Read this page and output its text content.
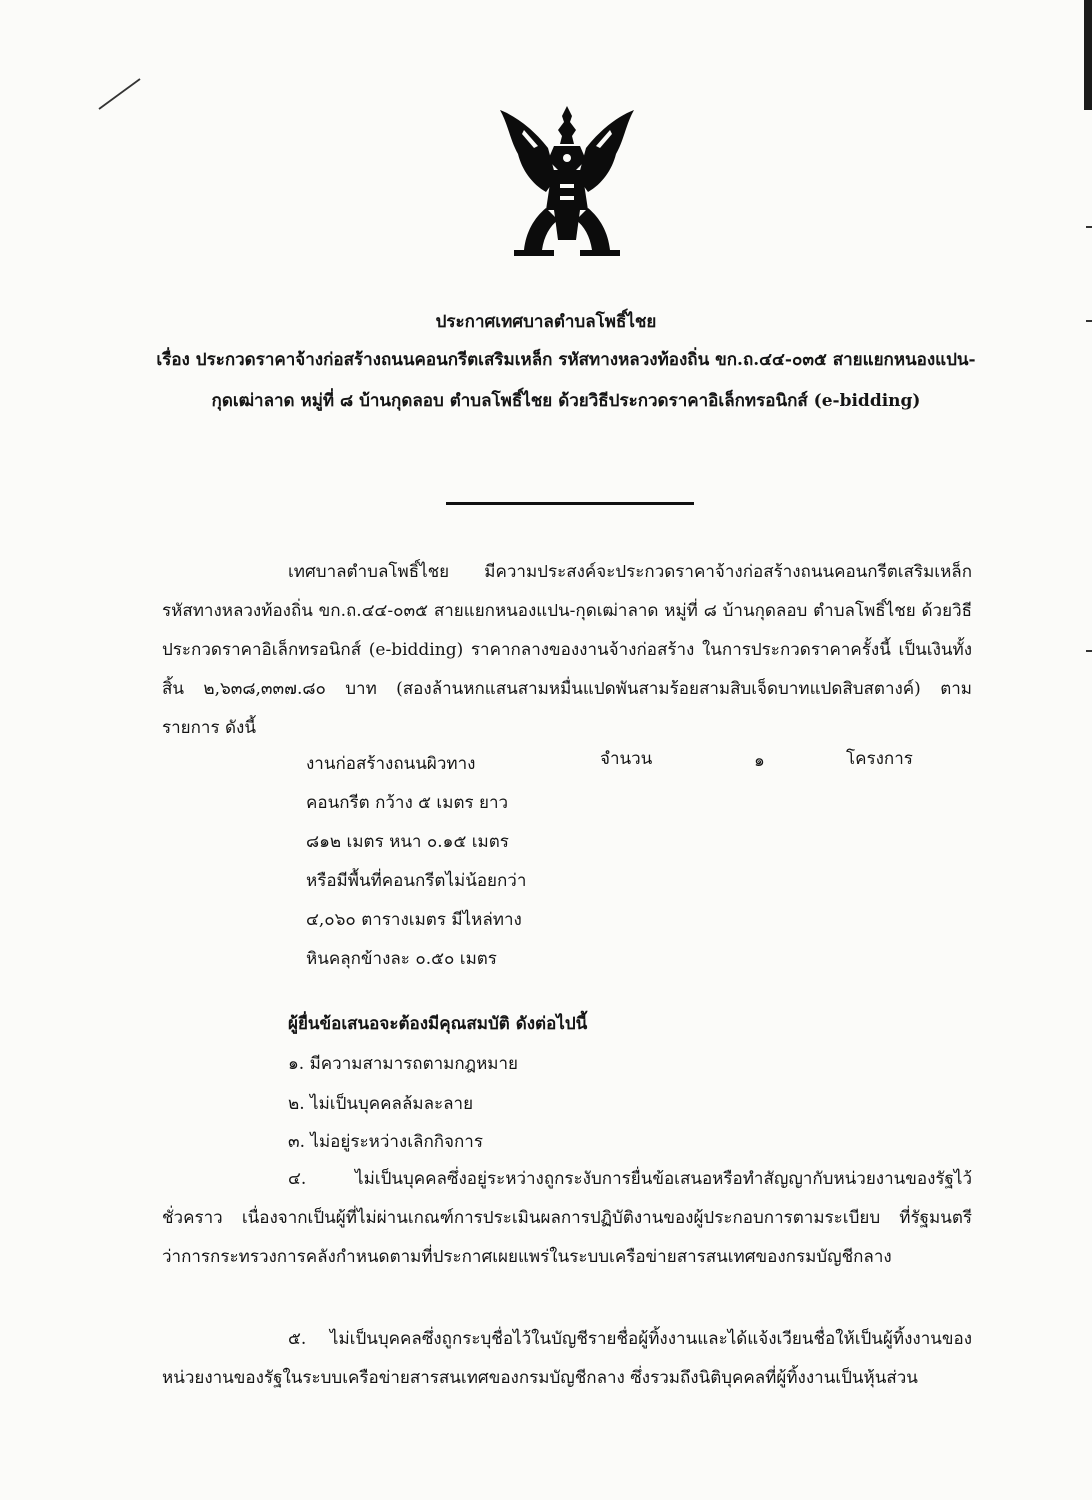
ประกาศเทศบาลตำบลโพธิ์ไชย
เรื่อง ประกวดราคาจ้างก่อสร้างถนนคอนกรีตเสริมเหล็ก รหัสทางหลวงท้องถิ่น ขก.ถ.๔๔-๐๓๕ สายแยกหนองแปน-กุดเฒ่าลาด หมู่ที่ ๘ บ้านกุดลอบ ตำบลโพธิ์ไชย ด้วยวิธีประกวดราคาอิเล็กทรอนิกส์ (e-bidding)
เทศบาลตำบลโพธิ์ไชย มีความประสงค์จะประกวดราคาจ้างก่อสร้างถนนคอนกรีตเสริมเหล็ก รหัสทางหลวงท้องถิ่น ขก.ถ.๔๔-๐๓๕ สายแยกหนองแปน-กุดเฒ่าลาด หมู่ที่ ๘ บ้านกุดลอบ ตำบลโพธิ์ไชย ด้วยวิธีประกวดราคาอิเล็กทรอนิกส์ (e-bidding) ราคากลางของงานจ้างก่อสร้าง ในการประกวดราคาครั้งนี้ เป็นเงินทั้งสิ้น ๒,๖๓๘,๓๓๗.๘๐ บาท (สองล้านหกแสนสามหมื่นแปดพันสามร้อยสามสิบเจ็ดบาทแปดสิบสตางค์) ตามรายการ ดังนี้
งานก่อสร้างถนนผิวทาง
คอนกรีต กว้าง ๕ เมตร ยาว
๘๑๒ เมตร หนา ๐.๑๕ เมตร
หรือมีพื้นที่คอนกรีตไม่น้อยกว่า
๔,๐๖๐ ตารางเมตร มีไหล่ทาง
หินคลุกข้างละ ๐.๕๐ เมตร
จำนวน	๑	โครงการ
ผู้ยื่นข้อเสนอจะต้องมีคุณสมบัติ ดังต่อไปนี้
๑. มีความสามารถตามกฎหมาย
๒. ไม่เป็นบุคคลล้มละลาย
๓. ไม่อยู่ระหว่างเลิกกิจการ
๔. ไม่เป็นบุคคลซึ่งอยู่ระหว่างถูกระงับการยื่นข้อเสนอหรือทำสัญญากับหน่วยงานของรัฐไว้ชั่วคราว เนื่องจากเป็นผู้ที่ไม่ผ่านเกณฑ์การประเมินผลการปฏิบัติงานของผู้ประกอบการตามระเบียบ ที่รัฐมนตรีว่าการกระทรวงการคลังกำหนดตามที่ประกาศเผยแพร่ในระบบเครือข่ายสารสนเทศของกรมบัญชีกลาง
๕. ไม่เป็นบุคคลซึ่งถูกระบุชื่อไว้ในบัญชีรายชื่อผู้ทิ้งงานและได้แจ้งเวียนชื่อให้เป็นผู้ทิ้งงานของหน่วยงานของรัฐในระบบเครือข่ายสารสนเทศของกรมบัญชีกลาง ซึ่งรวมถึงนิติบุคคลที่ผู้ทิ้งงานเป็นหุ้นส่วน
